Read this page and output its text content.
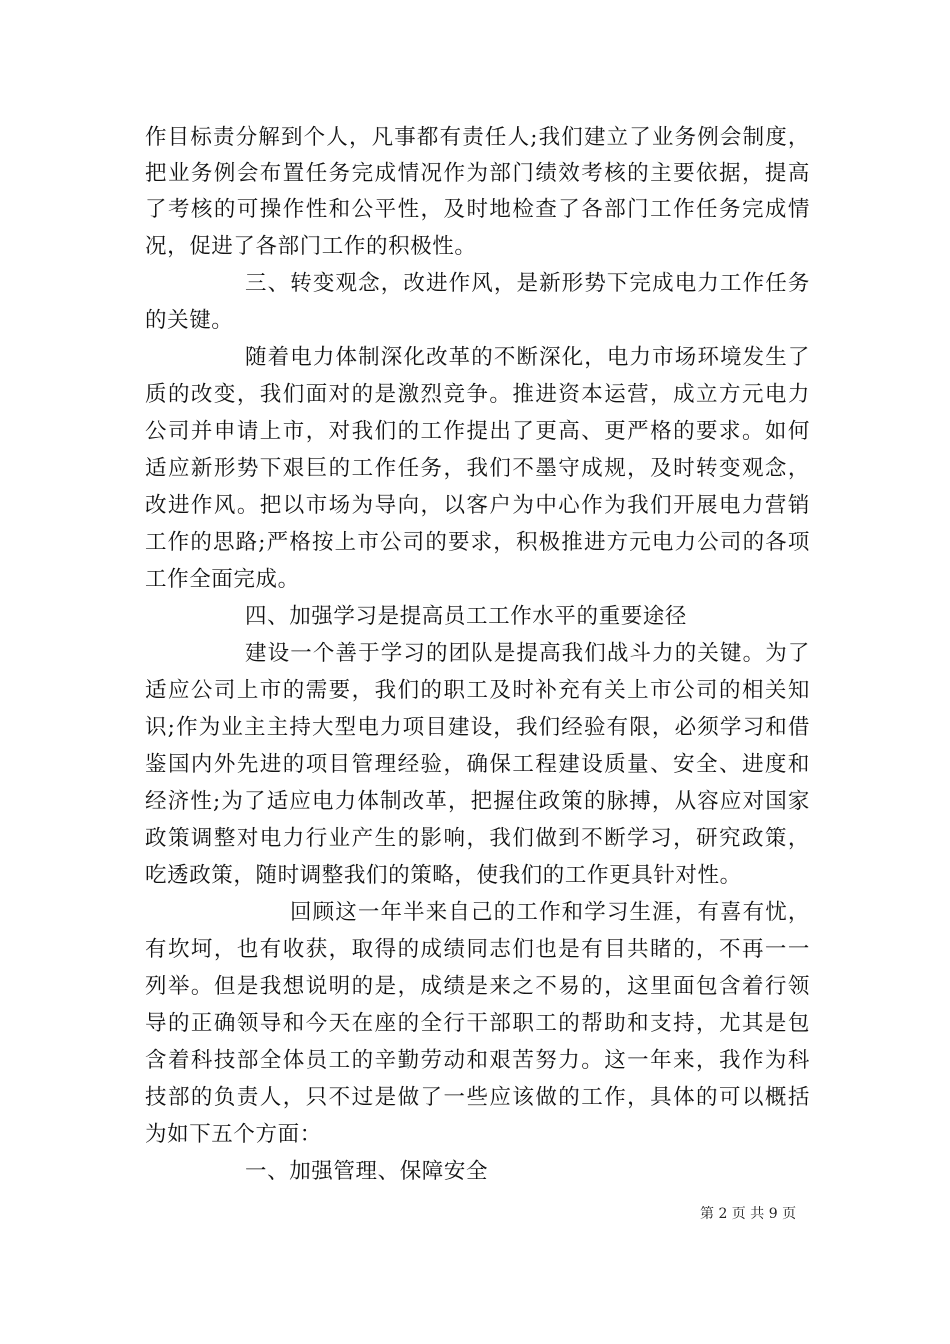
作目标责分解到个人，凡事都有责任人;我们建立了业务例会制度，
把业务例会布置任务完成情况作为部门绩效考核的主要依据，提高
了考核的可操作性和公平性，及时地检查了各部门工作任务完成情
况，促进了各部门工作的积极性。
三、转变观念，改进作风，是新形势下完成电力工作任务
的关键。
随着电力体制深化改革的不断深化，电力市场环境发生了
质的改变，我们面对的是激烈竞争。推进资本运营，成立方元电力
公司并申请上市，对我们的工作提出了更高、更严格的要求。如何
适应新形势下艰巨的工作任务，我们不墨守成规，及时转变观念，
改进作风。把以市场为导向，以客户为中心作为我们开展电力营销
工作的思路;严格按上市公司的要求，积极推进方元电力公司的各项
工作全面完成。
四、加强学习是提高员工工作水平的重要途径
建设一个善于学习的团队是提高我们战斗力的关键。为了
适应公司上市的需要，我们的职工及时补充有关上市公司的相关知
识;作为业主主持大型电力项目建设，我们经验有限，必须学习和借
鉴国内外先进的项目管理经验，确保工程建设质量、安全、进度和
经济性;为了适应电力体制改革，把握住政策的脉搏，从容应对国家
政策调整对电力行业产生的影响，我们做到不断学习，研究政策，
吃透政策，随时调整我们的策略，使我们的工作更具针对性。
回顾这一年半来自己的工作和学习生涯，有喜有忧，
有坎坷，也有收获，取得的成绩同志们也是有目共睹的，不再一一
列举。但是我想说明的是，成绩是来之不易的，这里面包含着行领
导的正确领导和今天在座的全行干部职工的帮助和支持，尤其是包
含着科技部全体员工的辛勤劳动和艰苦努力。这一年来，我作为科
技部的负责人，只不过是做了一些应该做的工作，具体的可以概括
为如下五个方面：
一、加强管理、保障安全
第 2 页 共 9 页
